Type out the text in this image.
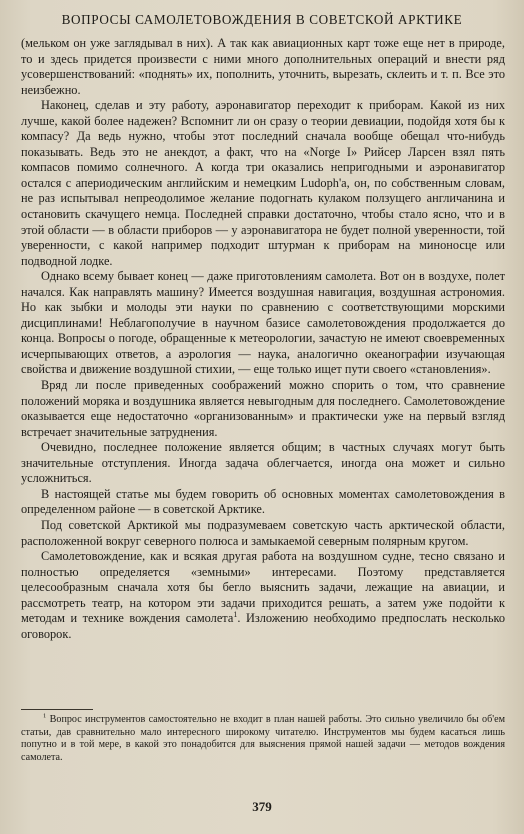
ВОПРОСЫ САМОЛЕТОВОЖДЕНИЯ В СОВЕТСКОЙ АРКТИКЕ

(мельком он уже заглядывал в них). А так как авиационных карт тоже еще нет в природе, то и здесь придется произвести с ними много дополнительных операций и внести ряд усовершенствований: «поднять» их, пополнить, уточнить, вырезать, склеить и т. п. Все это неизбежно.

Наконец, сделав и эту работу, аэронавигатор переходит к приборам. Какой из них лучше, какой более надежен? Вспомнит ли он сразу о теории девиации, подойдя хотя бы к компасу? Да ведь нужно, чтобы этот последний сначала вообще обещал что-нибудь показывать. Ведь это не анекдот, а факт, что на «Norge I» Рийсер Ларсен взял пять компасов помимо солнечного. А когда три оказались непригодными и аэронавигатор остался с апериодическим английским и немецким Ludoph'а, он, по собственным словам, не раз испытывал непреодолимое желание подогнать кулаком ползущего англичанина и остановить скачущего немца. Последней справки достаточно, чтобы стало ясно, что и в этой области — в области приборов — у аэронавигатора не будет полной уверенности, той уверенности, с какой например подходит штурман к приборам на миноносце или подводной лодке.

Однако всему бывает конец — даже приготовлениям самолета. Вот он в воздухе, полет начался. Как направлять машину? Имеется воздушная навигация, воздушная астрономия. Но как зыбки и молоды эти науки по сравнению с соответствующими морскими дисциплинами! Неблагополучие в научном базисе самолетовождения продолжается до конца. Вопросы о погоде, обращенные к метеорологии, зачастую не имеют своевременных исчерпывающих ответов, а аэрология — наука, аналогично океанографии изучающая свойства и движение воздушной стихии, — еще только ищет пути своего «становления».

Вряд ли после приведенных соображений можно спорить о том, что сравнение положений моряка и воздушника является невыгодным для последнего. Самолетовождение оказывается еще недостаточно «организованным» и практически уже на первый взгляд встречает значительные затруднения.

Очевидно, последнее положение является общим; в частных случаях могут быть значительные отступления. Иногда задача облегчается, иногда она может и сильно усложниться.

В настоящей статье мы будем говорить об основных моментах самолетовождения в определенном районе — в советской Арктике.

Под советской Арктикой мы подразумеваем советскую часть арктической области, расположенной вокруг северного полюса и замыкаемой северным полярным кругом.

Самолетовождение, как и всякая другая работа на воздушном судне, тесно связано и полностью определяется «земными» интересами. Поэтому представляется целесообразным сначала хотя бы бегло выяснить задачи, лежащие на авиации, и рассмотреть театр, на котором эти задачи приходится решать, а затем уже подойти к методам и технике вождения самолета$^1$. Изложению необходимо предпослать несколько оговорок.

$^1$ Вопрос инструментов самостоятельно не входит в план нашей работы. Это сильно увеличило бы об'ем статьи, дав сравнительно мало интересного широкому читателю. Инструментов мы будем касаться лишь попутно и в той мере, в какой это понадобится для выяснения прямой нашей задачи — методов вождения самолета.

379
